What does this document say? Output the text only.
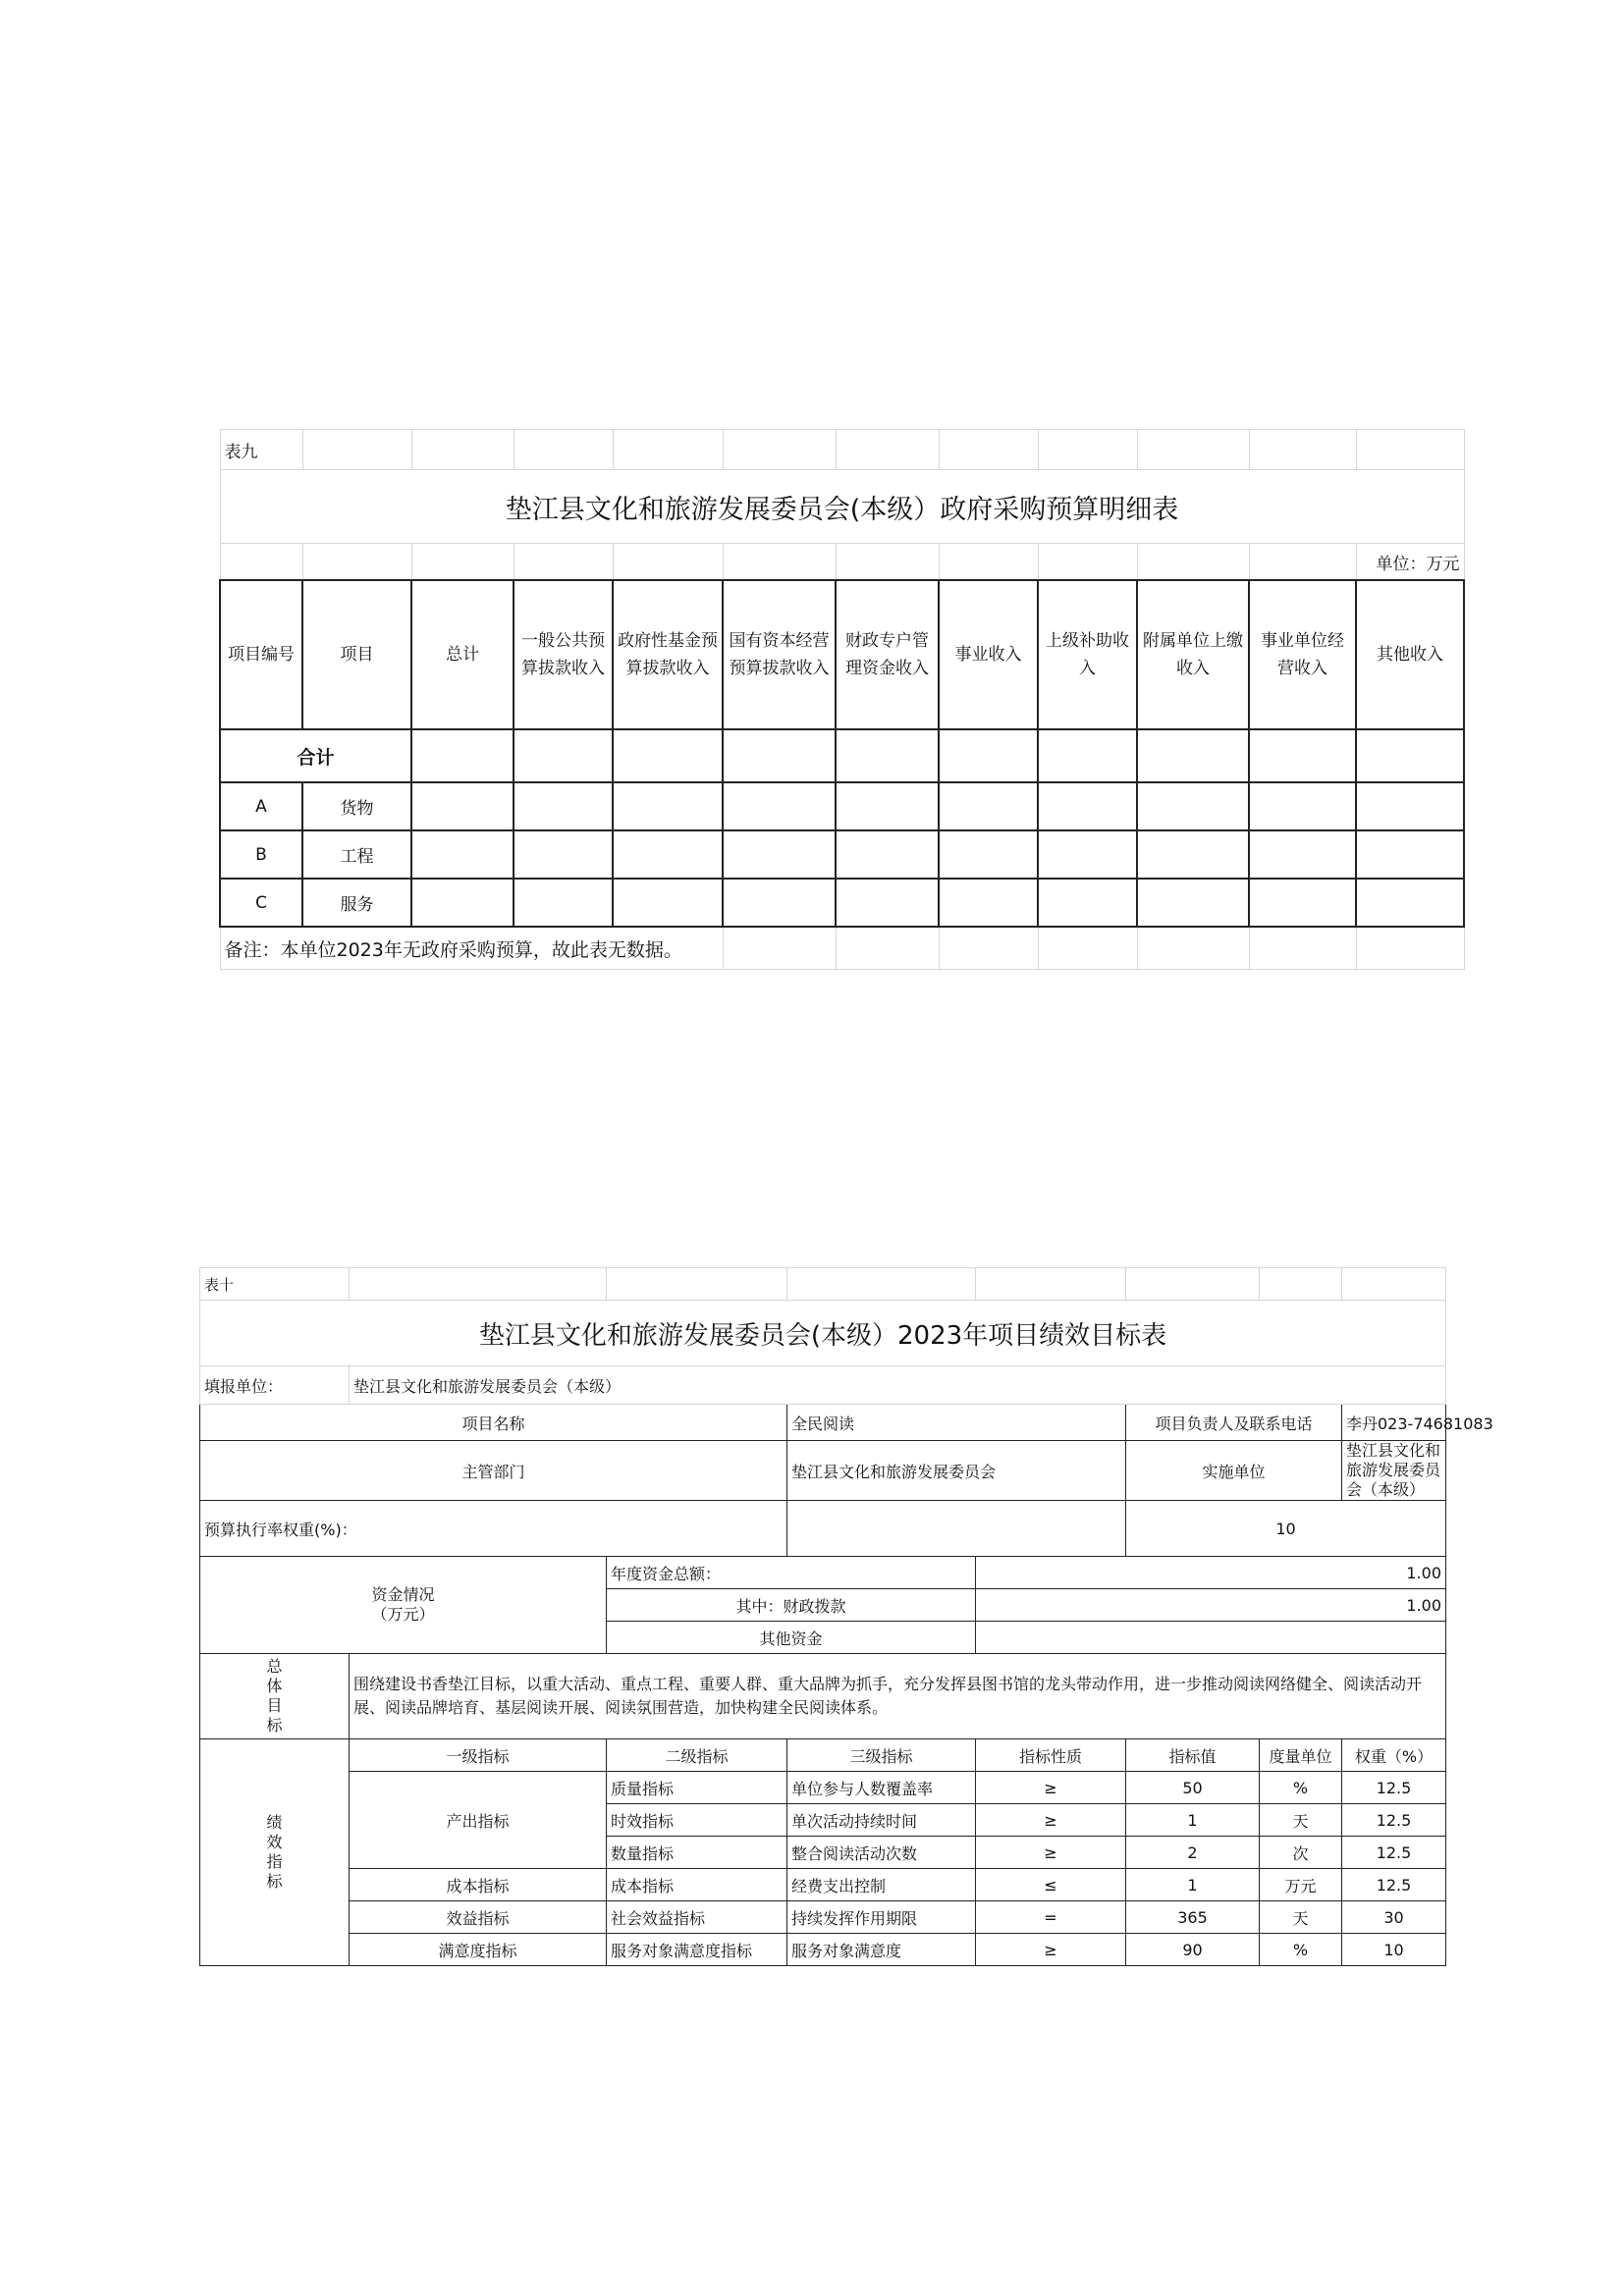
表九											
垫江县文化和旅游发展委员会(本级）政府采购预算明细表											
											单位：万元
项目编号	项目	总计	一般公共预算拔款收入	政府性基金预算拔款收入	国有资本经营预算拔款收入	财政专户管理资金收入	事业收入	上级补助收入	附属单位上缴收入	事业单位经营收入	其他收入
合计											
A	货物										
B	工程										
C	服务										
备注：本单位2023年无政府采购预算，故此表无数据。											
表十							
垫江县文化和旅游发展委员会(本级）2023年项目绩效目标表							
填报单位：	垫江县文化和旅游发展委员会（本级）						
项目名称			全民阅读		项目负责人及联系电话		李丹023-74681083
主管部门			垫江县文化和旅游发展委员会		实施单位		垫江县文化和旅游发展委员会（本级）
预算执行率权重(%)：					10		

资金情况
（万元）		年度资金总额：		1.00			
		其中：财政拨款		1.00			
		其他资金					

总
体
目
标	围绕建设书香垫江目标，以重大活动、重点工程、重要人群、重大品牌为抓手，充分发挥县图书馆的龙头带动作用，进一步推动阅读网络健全、阅读活动开展、阅读品牌培育、基层阅读开展、阅读氛围营造，加快构建全民阅读体系。						

绩
效
指
标	一级指标	二级指标	三级指标	指标性质	指标值	度量单位	权重（%）
	产出指标	质量指标	单位参与人数覆盖率	≥	50	%	12.5
		时效指标	单次活动持续时间	≥	1	天	12.5
		数量指标	整合阅读活动次数	≥	2	次	12.5
	成本指标	成本指标	经费支出控制	≤	1	万元	12.5
	效益指标	社会效益指标	持续发挥作用期限	=	365	天	30
	满意度指标	服务对象满意度指标	服务对象满意度	≥	90	%	10
